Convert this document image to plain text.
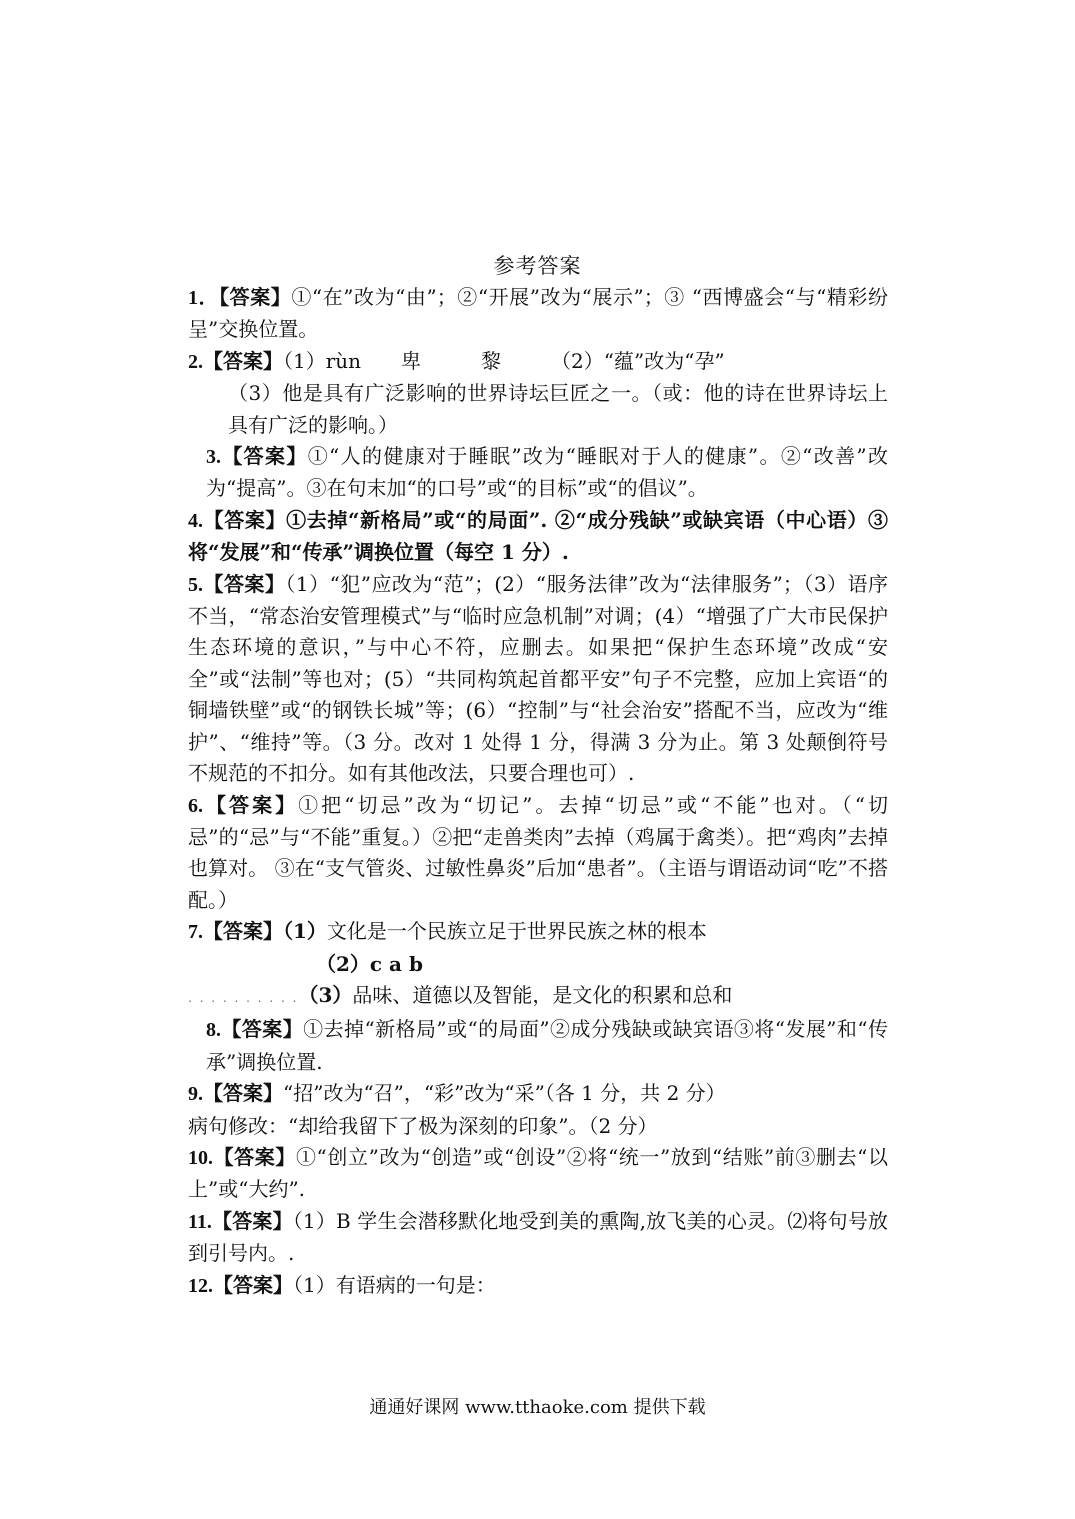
参考答案

1．【答案】①“在”改为“由”；②“开展”改为“展示”；③ “西博盛会“与“精彩纷呈”交换位置。

2.【答案】（1）rùn　　卑　　　黎　　　（2）“蕴”改为“孕”

（3）他是具有广泛影响的世界诗坛巨匠之一。（或：他的诗在世界诗坛上具有广泛的影响。）

3.【答案】①“人的健康对于睡眠”改为“睡眠对于人的健康”。②“改善”改为“提高”。③在句末加“的口号”或“的目标”或“的倡议”。

4.【答案】①去掉“新格局”或“的局面”. ②“成分残缺”或缺宾语（中心语）③将“发展”和“传承”调换位置（每空 1 分）.

5.【答案】（1）“犯”应改为“范”；(2）“服务法律”改为“法律服务”；（3）语序不当，“常态治安管理模式”与“临时应急机制”对调；(4）“增强了广大市民保护生态环境的意识，”与中心不符，应删去。如果把“保护生态环境”改成“安全”或“法制”等也对；(5）“共同构筑起首都平安”句子不完整，应加上宾语“的铜墙铁壁”或“的钢铁长城”等；(6）“控制”与“社会治安”搭配不当，应改为“维护”、“维持”等。（3 分。改对 1 处得 1 分，得满 3 分为止。第 3 处颠倒符号不规范的不扣分。如有其他改法，只要合理也可）.

6.【答案】①把“切忌”改为“切记”。去掉“切忌”或“不能”也对。（“切忌”的“忌”与“不能”重复。）②把“走兽类肉”去掉（鸡属于禽类）。把“鸡肉”去掉也算对。 ③在“支气管炎、过敏性鼻炎”后加“患者”。（主语与谓语动词“吃”不搭配。）

7.【答案】（1）文化是一个民族立足于世界民族之林的根本

（2）c a b

. . . . . . . . . .（3）品味、道德以及智能，是文化的积累和总和

8.【答案】①去掉“新格局”或“的局面”②成分残缺或缺宾语③将“发展”和“传承”调换位置.

9.【答案】“招”改为“召”，“彩”改为“采”（各 1 分，共 2 分）

病句修改：“却给我留下了极为深刻的印象”。（2 分）

10.【答案】①“创立”改为“创造”或“创设”②将“统一”放到“结账”前③删去“以上”或“大约”.

11.【答案】（1）B 学生会潜移默化地受到美的熏陶,放飞美的心灵。⑵将句号放到引号内。.

12.【答案】（1）有语病的一句是：

通通好课网 www.tthaoke.com 提供下载
